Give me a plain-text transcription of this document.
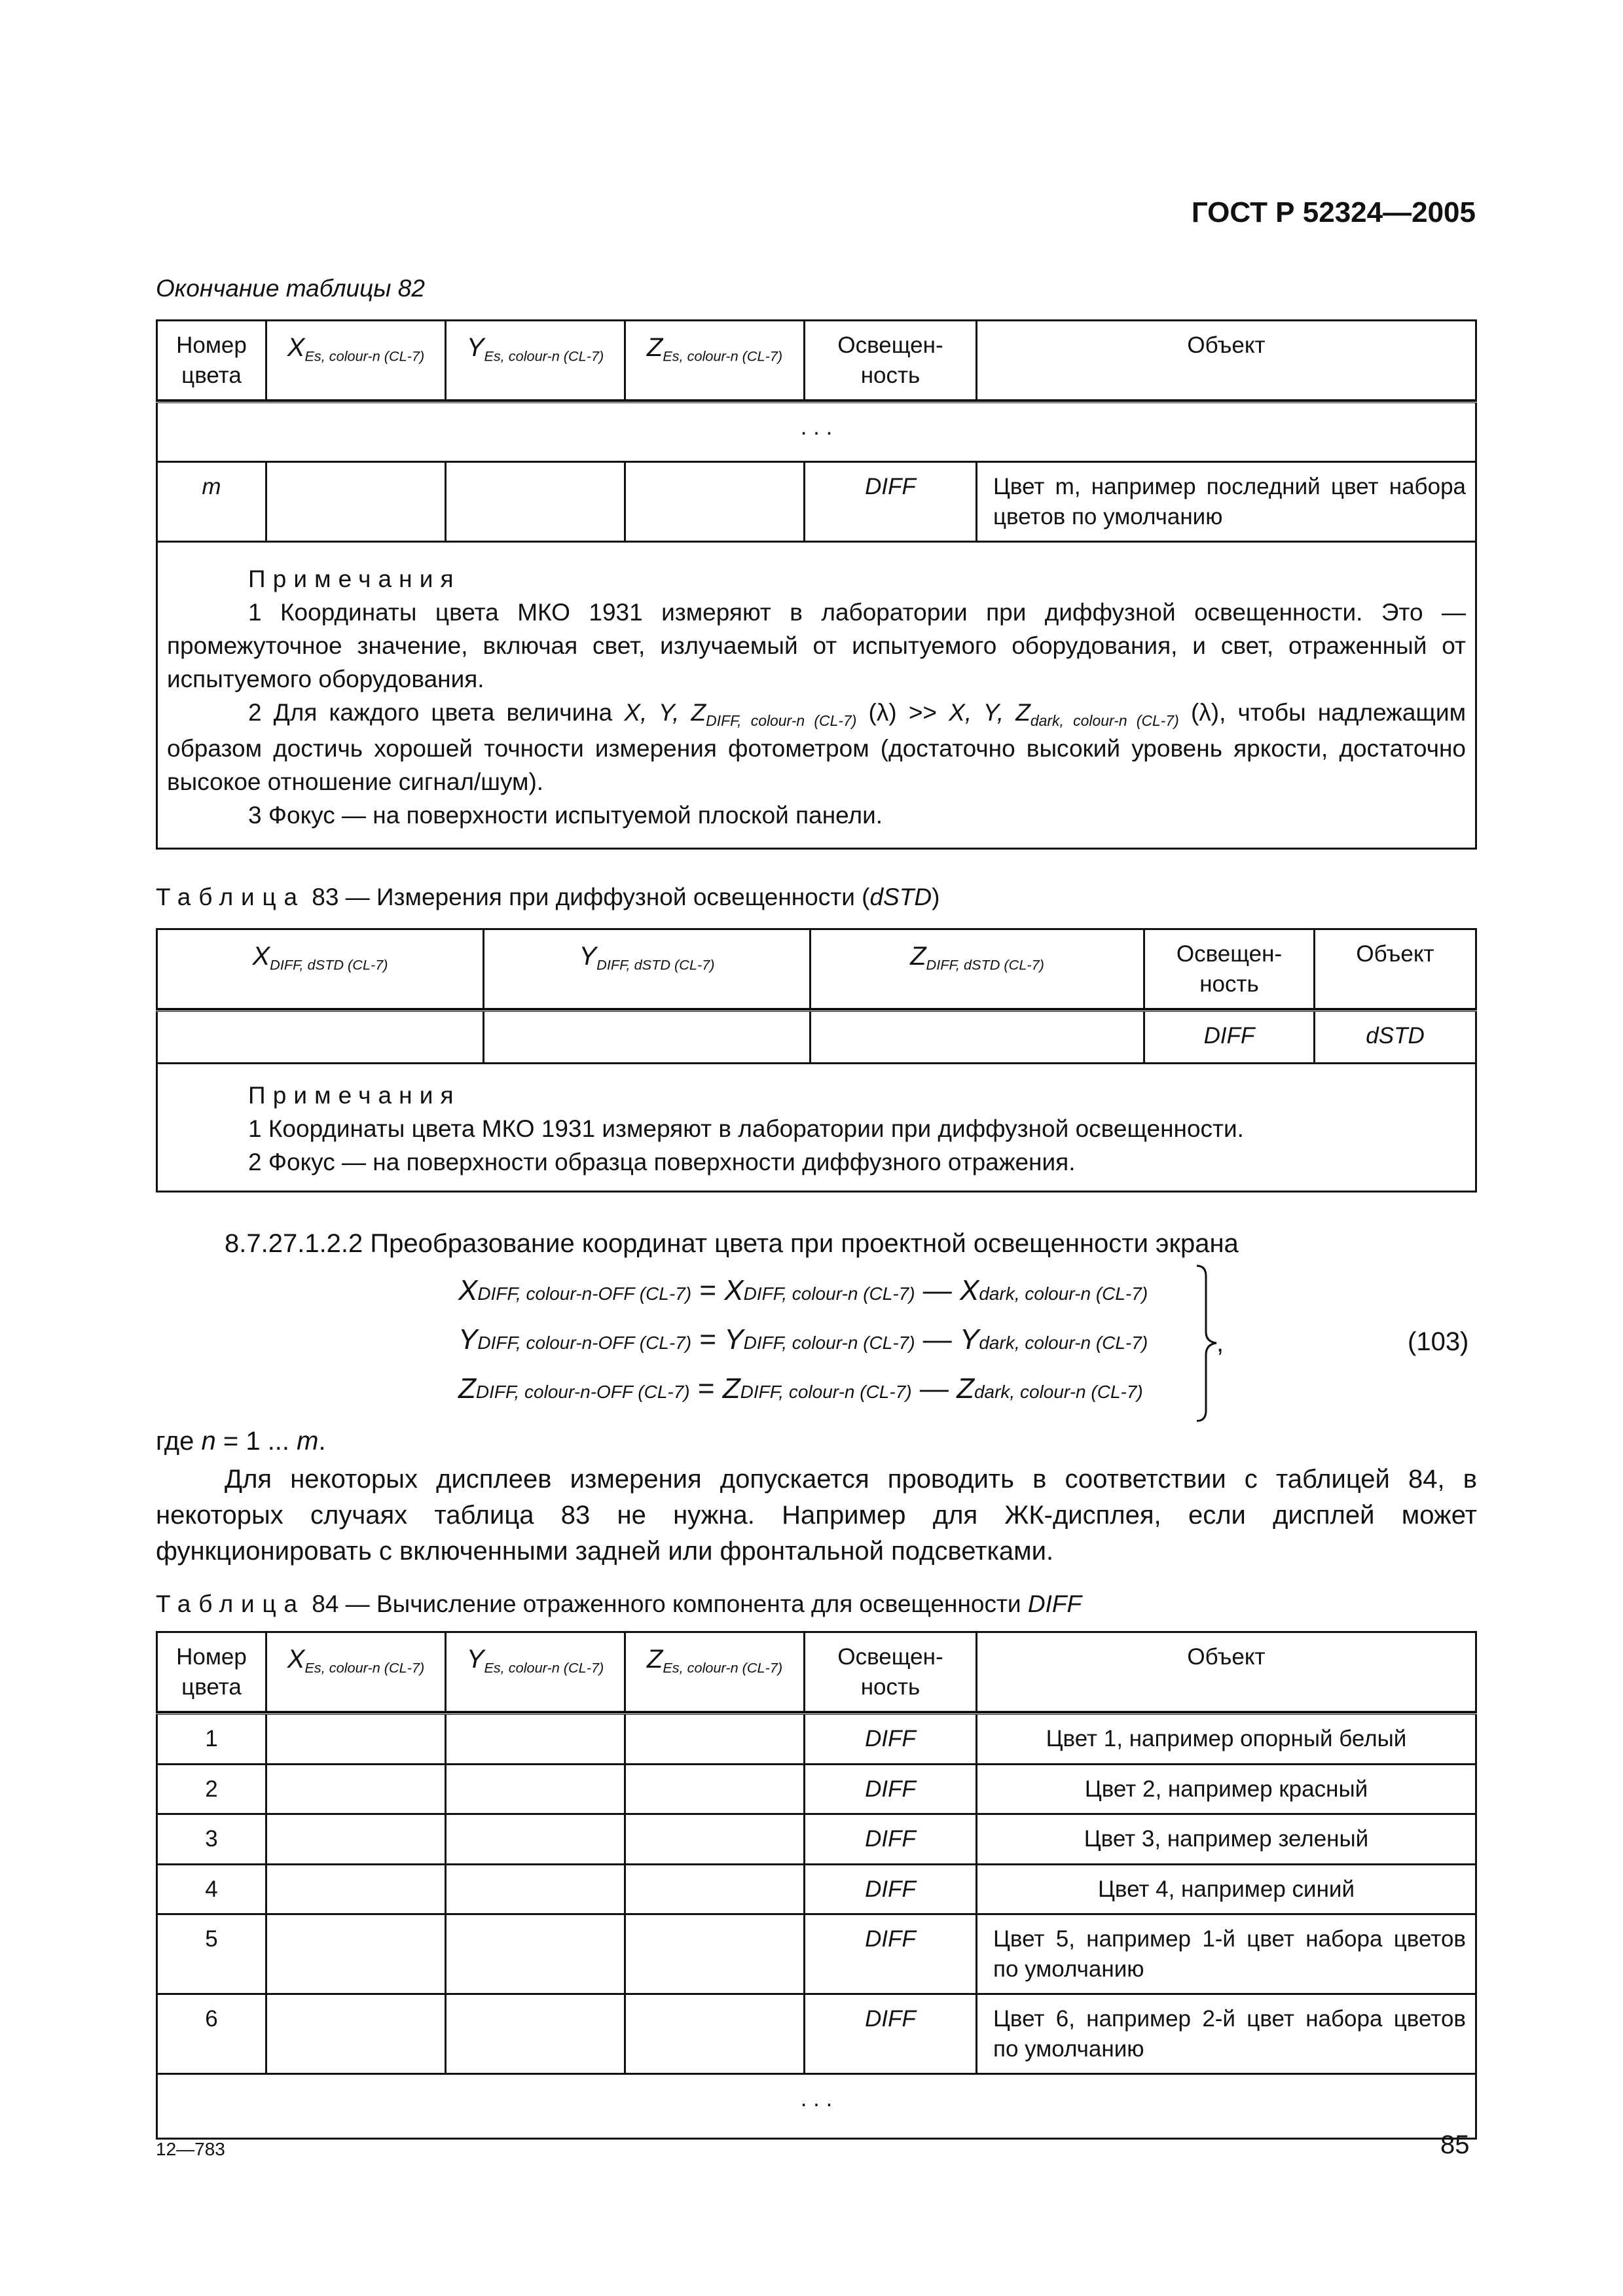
ГОСТ Р 52324—2005
Окончание таблицы 82
Номер цвета	$X_{Es, colour-n (CL-7)}$	$Y_{Es, colour-n (CL-7)}$	$Z_{Es, colour-n (CL-7)}$	Освещен-ность	Объект

. . .					
m				DIFF	Цвет m, например последний цвет набора цветов по умолчанию

Примечания

1 Координаты цвета МКО 1931 измеряют в лаборатории при диффузной освещенности. Это — промежуточное значение, включая свет, излучаемый от испытуемого оборудования, и свет, отраженный от испытуемого оборудования.

2 Для каждого цвета величина X, Y, $Z_{DIFF, colour-n (CL-7)}$ (λ) >> X, Y, $Z_{dark, colour-n (CL-7)}$ (λ), чтобы надлежащим образом достичь хорошей точности измерения фотометром (достаточно высокий уровень яркости, достаточно высокое отношение сигнал/шум).

3 Фокус — на поверхности испытуемой плоской панели.					

Таблица 83 — Измерения при диффузной освещенности (dSTD)
$X_{DIFF, dSTD (CL-7)}$	$Y_{DIFF, dSTD (CL-7)}$	$Z_{DIFF, dSTD (CL-7)}$	Освещен-ность	Объект

			DIFF	dSTD

Примечания

1 Координаты цвета МКО 1931 измеряют в лаборатории при диффузной освещенности.

2 Фокус — на поверхности образца поверхности диффузного отражения.				

8.7.27.1.2.2 Преобразование координат цвета при проектной освещенности экрана
XDIFF, colour-n-OFF (CL-7) = XDIFF, colour-n (CL-7) — Xdark, colour-n (CL-7)
YDIFF, colour-n-OFF (CL-7) = YDIFF, colour-n (CL-7) — Ydark, colour-n (CL-7)
ZDIFF, colour-n-OFF (CL-7) = ZDIFF, colour-n (CL-7) — Zdark, colour-n (CL-7)
,	(103)
где n = 1 ... m.

Для некоторых дисплеев измерения допускается проводить в соответствии с таблицей 84, в некоторых случаях таблица 83 не нужна. Например для ЖК-дисплея, если дисплей может функционировать с включенными задней или фронтальной подсветками.

Таблица 84 — Вычисление отраженного компонента для освещенности DIFF
Номер цвета	$X_{Es, colour-n (CL-7)}$	$Y_{Es, colour-n (CL-7)}$	$Z_{Es, colour-n (CL-7)}$	Освещен-ность	Объект

1				DIFF	Цвет 1, например опорный белый
2				DIFF	Цвет 2, например красный
3				DIFF	Цвет 3, например зеленый
4				DIFF	Цвет 4, например синий
5				DIFF	Цвет 5, например 1-й цвет набора цветов по умолчанию
6				DIFF	Цвет 6, например 2-й цвет набора цветов по умолчанию
. . .					
12—783	85
